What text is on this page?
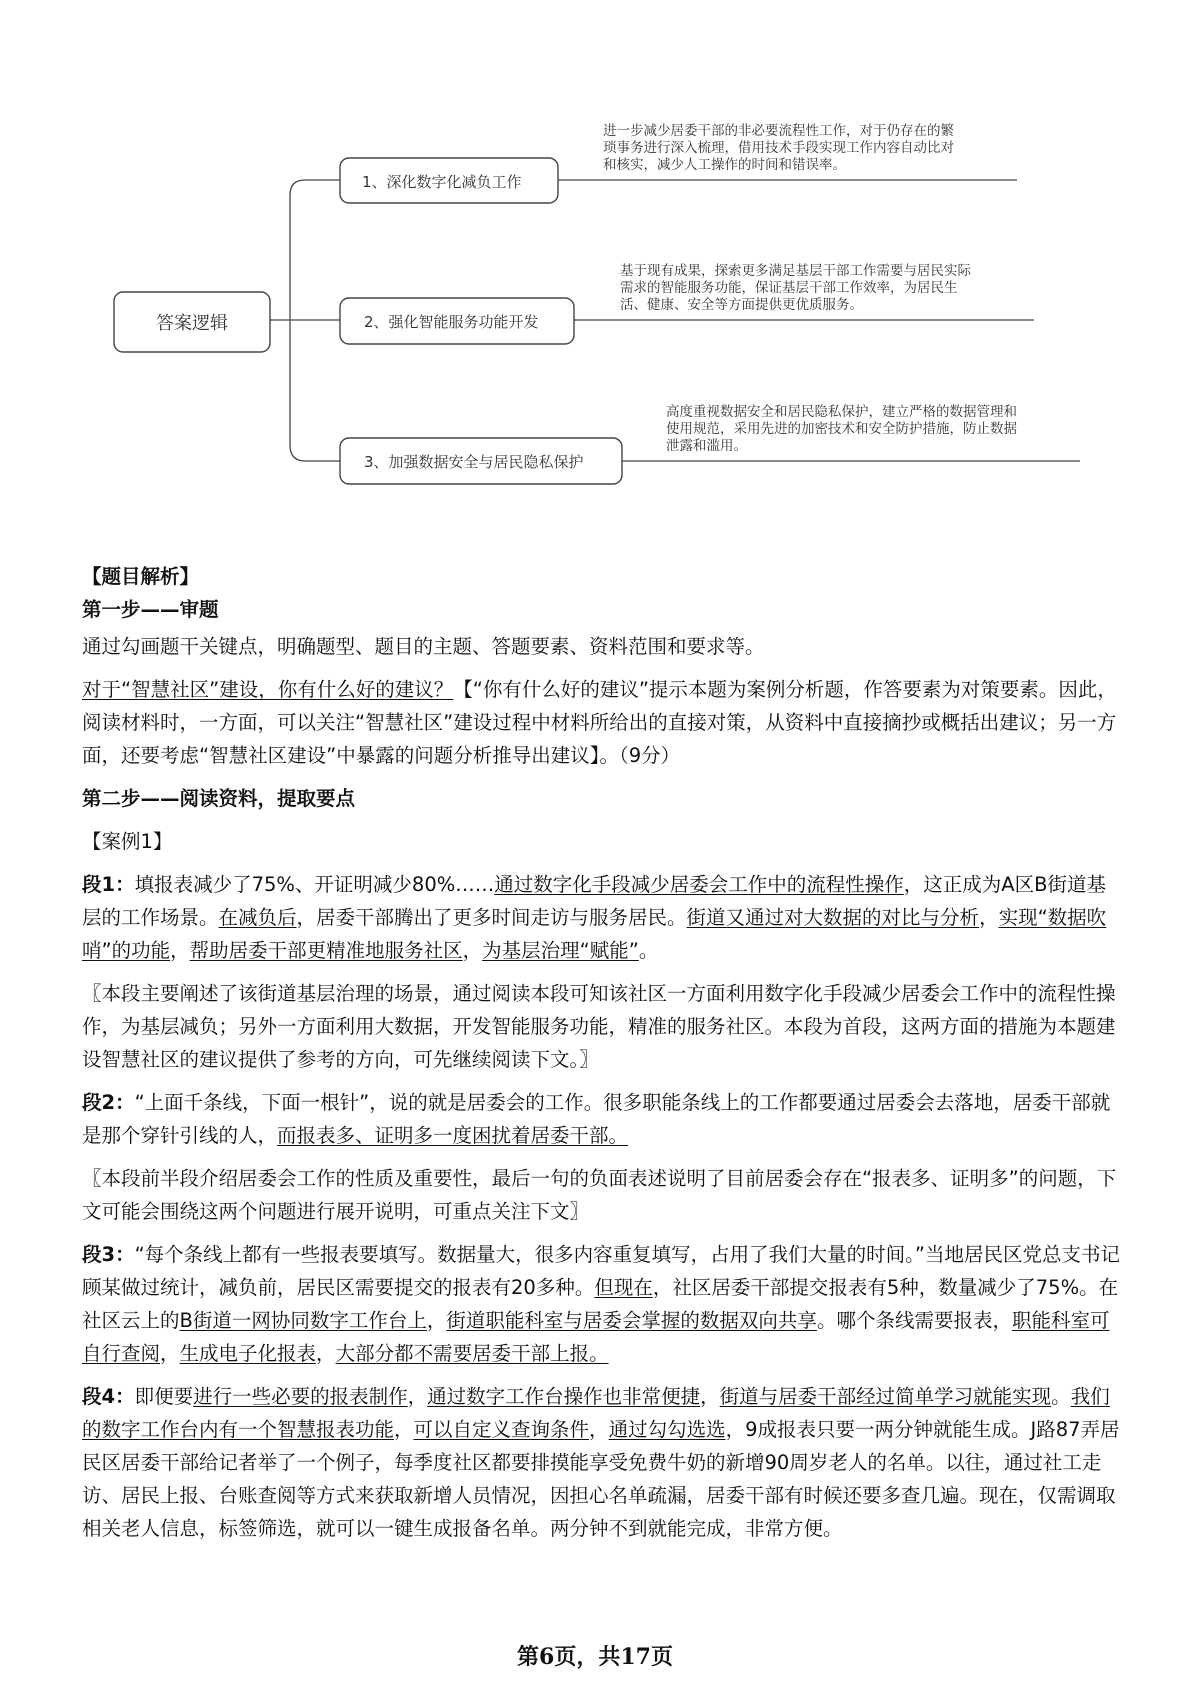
答案逻辑
1、深化数字化减负工作
进一步减少居委干部的非必要流程性工作，对于仍存在的繁
琐事务进行深入梳理，借用技术手段实现工作内容自动比对
和核实，减少人工操作的时间和错误率。
2、强化智能服务功能开发
基于现有成果，探索更多满足基层干部工作需要与居民实际
需求的智能服务功能，保证基层干部工作效率，为居民生
活、健康、安全等方面提供更优质服务。
3、加强数据安全与居民隐私保护
高度重视数据安全和居民隐私保护，建立严格的数据管理和
使用规范，采用先进的加密技术和安全防护措施，防止数据
泄露和滥用。

【题目解析】

第一步——审题

通过勾画题干关键点，明确题型、题目的主题、答题要素、资料范围和要求等。

对于“智慧社区”建设，你有什么好的建议？【“你有什么好的建议”提示本题为案例分析题，作答要素为对策要素。因此，阅读材料时，一方面，可以关注“智慧社区”建设过程中材料所给出的直接对策，从资料中直接摘抄或概括出建议；另一方面，还要考虑“智慧社区建设”中暴露的问题分析推导出建议】。（9分）

第二步——阅读资料，提取要点

【案例1】

段1：填报表减少了75%、开证明减少80%……通过数字化手段减少居委会工作中的流程性操作，这正成为A区B街道基层的工作场景。在减负后，居委干部腾出了更多时间走访与服务居民。街道又通过对大数据的对比与分析，实现“数据吹哨”的功能，帮助居委干部更精准地服务社区，为基层治理“赋能”。

〖本段主要阐述了该街道基层治理的场景，通过阅读本段可知该社区一方面利用数字化手段减少居委会工作中的流程性操作，为基层减负；另外一方面利用大数据，开发智能服务功能，精准的服务社区。本段为首段，这两方面的措施为本题建设智慧社区的建议提供了参考的方向，可先继续阅读下文。〗

段2：“上面千条线，下面一根针”，说的就是居委会的工作。很多职能条线上的工作都要通过居委会去落地，居委干部就是那个穿针引线的人，而报表多、证明多一度困扰着居委干部。

〖本段前半段介绍居委会工作的性质及重要性，最后一句的负面表述说明了目前居委会存在“报表多、证明多”的问题，下文可能会围绕这两个问题进行展开说明，可重点关注下文〗

段3：“每个条线上都有一些报表要填写。数据量大，很多内容重复填写，占用了我们大量的时间。”当地居民区党总支书记顾某做过统计，减负前，居民区需要提交的报表有20多种。但现在，社区居委干部提交报表有5种，数量减少了75%。在社区云上的B街道一网协同数字工作台上，街道职能科室与居委会掌握的数据双向共享。哪个条线需要报表，职能科室可自行查阅，生成电子化报表，大部分都不需要居委干部上报。

段4：即便要进行一些必要的报表制作，通过数字工作台操作也非常便捷，街道与居委干部经过简单学习就能实现。我们的数字工作台内有一个智慧报表功能，可以自定义查询条件，通过勾勾选选，9成报表只要一两分钟就能生成。J路87弄居民区居委干部给记者举了一个例子，每季度社区都要排摸能享受免费牛奶的新增90周岁老人的名单。以往，通过社工走访、居民上报、台账查阅等方式来获取新增人员情况，因担心名单疏漏，居委干部有时候还要多查几遍。现在，仅需调取相关老人信息，标签筛选，就可以一键生成报备名单。两分钟不到就能完成，非常方便。

第6页，共17页
